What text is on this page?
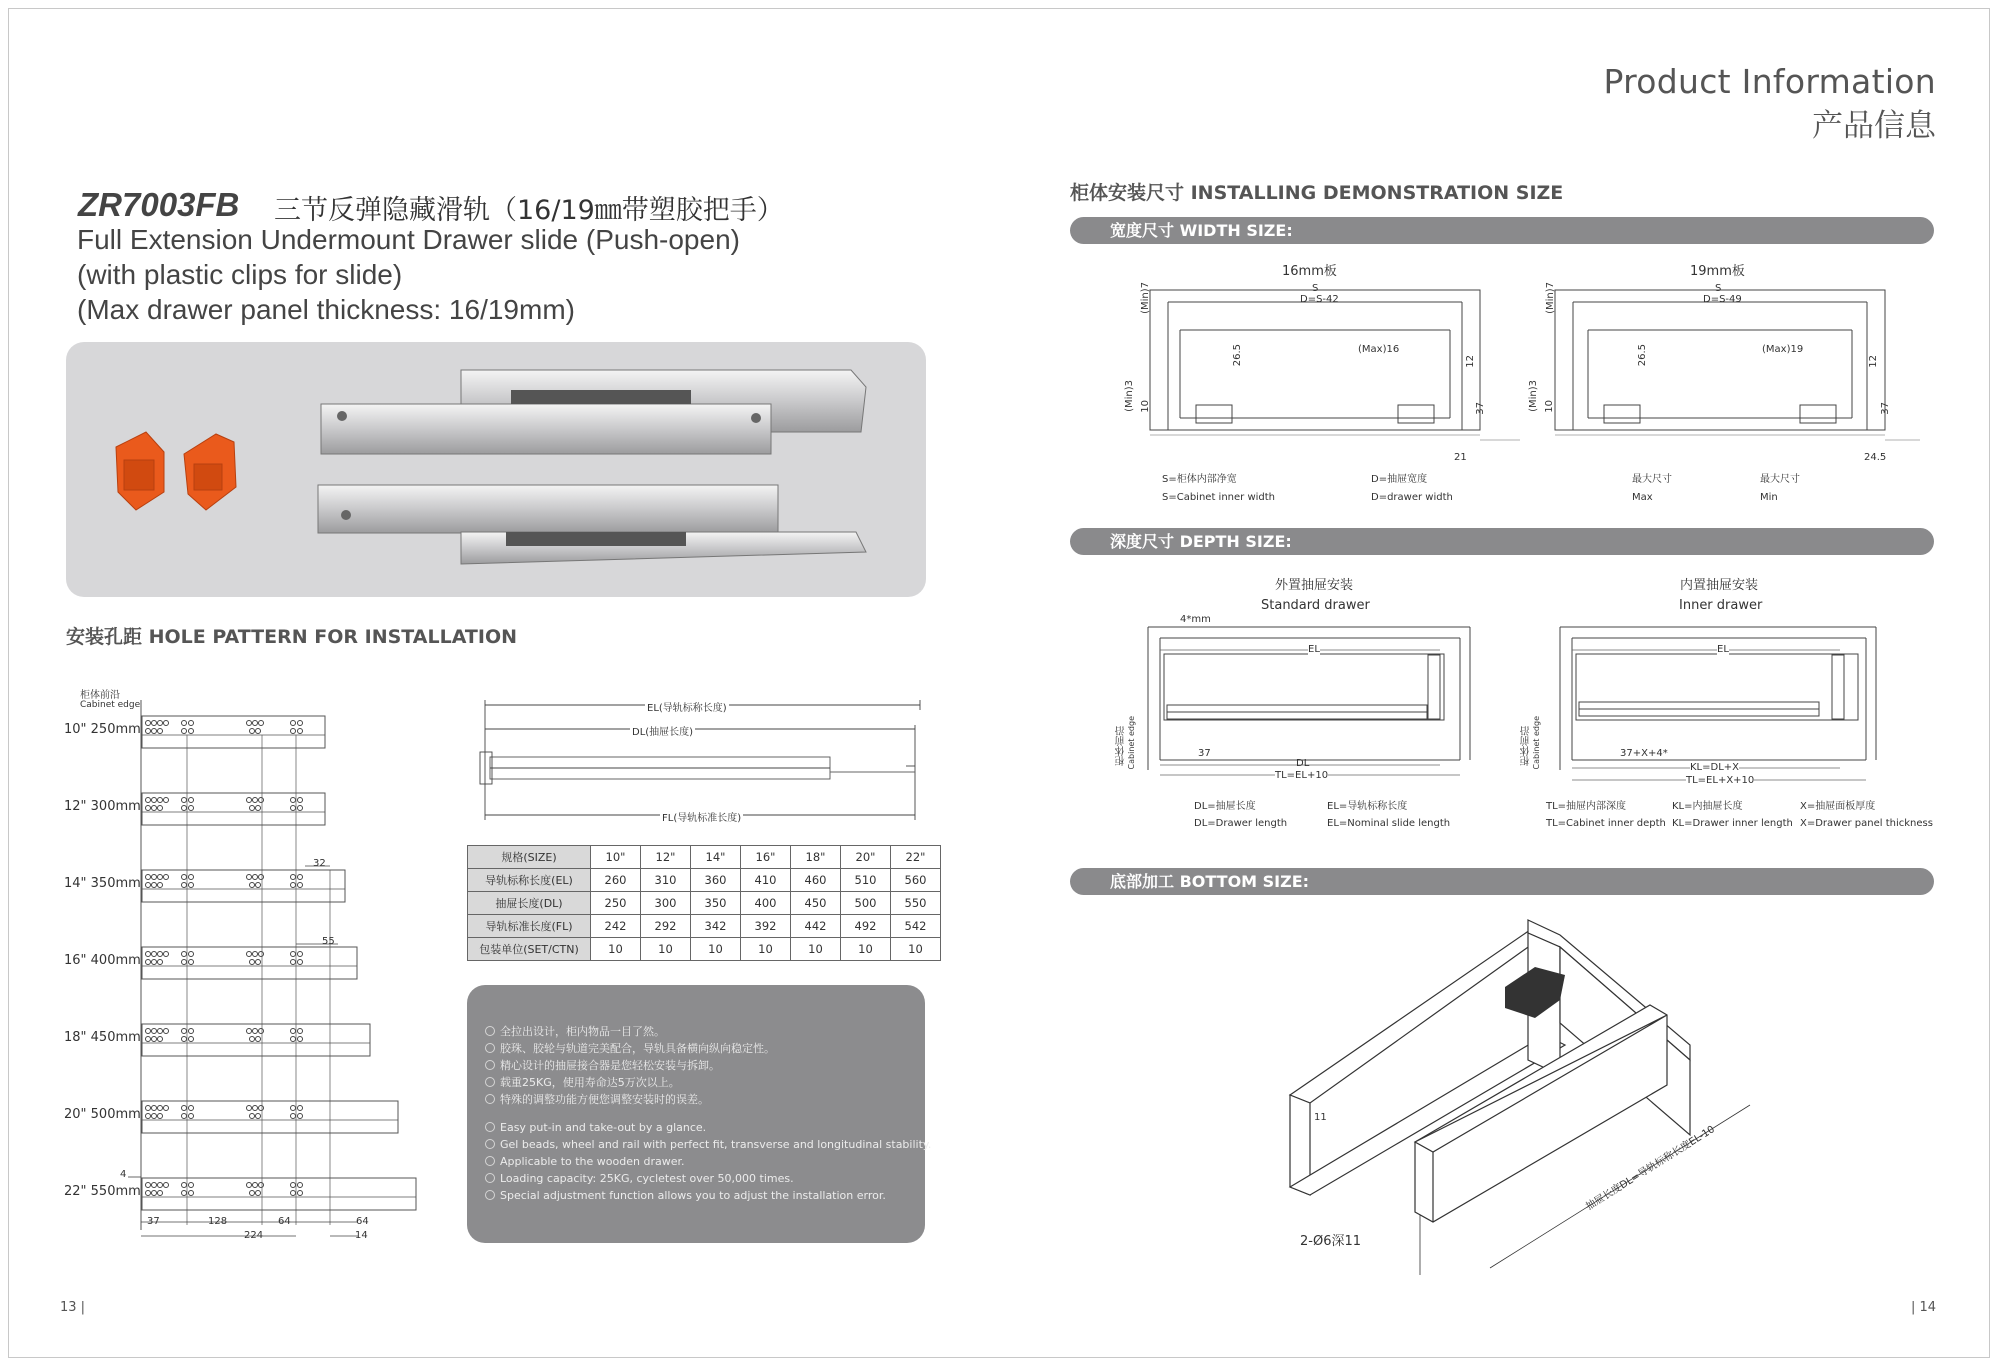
Product Information
产品信息
ZR7003FB 三节反弹隐藏滑轨（16/19㎜带塑胶把手）
Full Extension Undermount Drawer slide (Push-open)
(with plastic clips for slide)
(Max drawer panel thickness: 16/19mm)
安装孔距 HOLE PATTERN FOR INSTALLATION
柜体前沿
Cabinet edge
10" 250mm
12" 300mm
14" 350mm
16" 400mm
18" 450mm
20" 500mm
22" 550mm
32
55
4
37	128	64	64
224	14
EL(导轨标称长度)
DL(抽屉长度)
FL(导轨标准长度)
规格(SIZE)	10"	12"	14"	16"	18"	20"	22"
导轨标称长度(EL)	260	310	360	410	460	510	560
抽屉长度(DL)	250	300	350	400	450	500	550
导轨标准长度(FL)	242	292	342	392	442	492	542
包装单位(SET/CTN)	10	10	10	10	10	10	10
全拉出设计，柜内物品一目了然。
胶珠、胶轮与轨道完美配合，导轨具备横向纵向稳定性。
精心设计的抽屉接合器是您轻松安装与拆卸。
载重25KG，使用寿命达5万次以上。
特殊的调整功能方便您调整安装时的误差。
Easy put-in and take-out by a glance.
Gel beads, wheel and rail with perfect fit, transverse and longitudinal stability.
Applicable to the wooden drawer.
Loading capacity: 25KG, cycletest over 50,000 times.
Special adjustment function allows you to adjust the installation error.
柜体安装尺寸 INSTALLING DEMONSTRATION SIZE
宽度尺寸 WIDTH SIZE:
深度尺寸 DEPTH SIZE:
底部加工 BOTTOM SIZE:
16mm板
S
D=S-42
(Min)7
(Min)3 10
26.5	(Max)16
12
37
21
19mm板
S
D=S-49
(Min)7
(Min)3 10
26.5	(Max)19
12
37
24.5
S=柜体内部净宽	D=抽屉宽度
S=Cabinet inner width	D=drawer width
最大尺寸	最大尺寸
Max	Min
外置抽屉安装
Standard drawer
内置抽屉安装
Inner drawer
4*mm
EL
37
DL
TL=EL+10
柜体前沿 Cabinet edge
EL
37+X+4*
KL=DL+X
TL=EL+X+10
柜体前沿 Cabinet edge
DL=抽屉长度	EL=导轨标称长度
DL=Drawer length	EL=Nominal slide length
TL=抽屉内部深度	KL=内抽屉长度	X=抽屉面板厚度
TL=Cabinet inner depth KL=Drawer inner length X=Drawer panel thickness
2-Ø6深11
11
抽屉长度DL=导轨标称长度EL-10
13 |	| 14
